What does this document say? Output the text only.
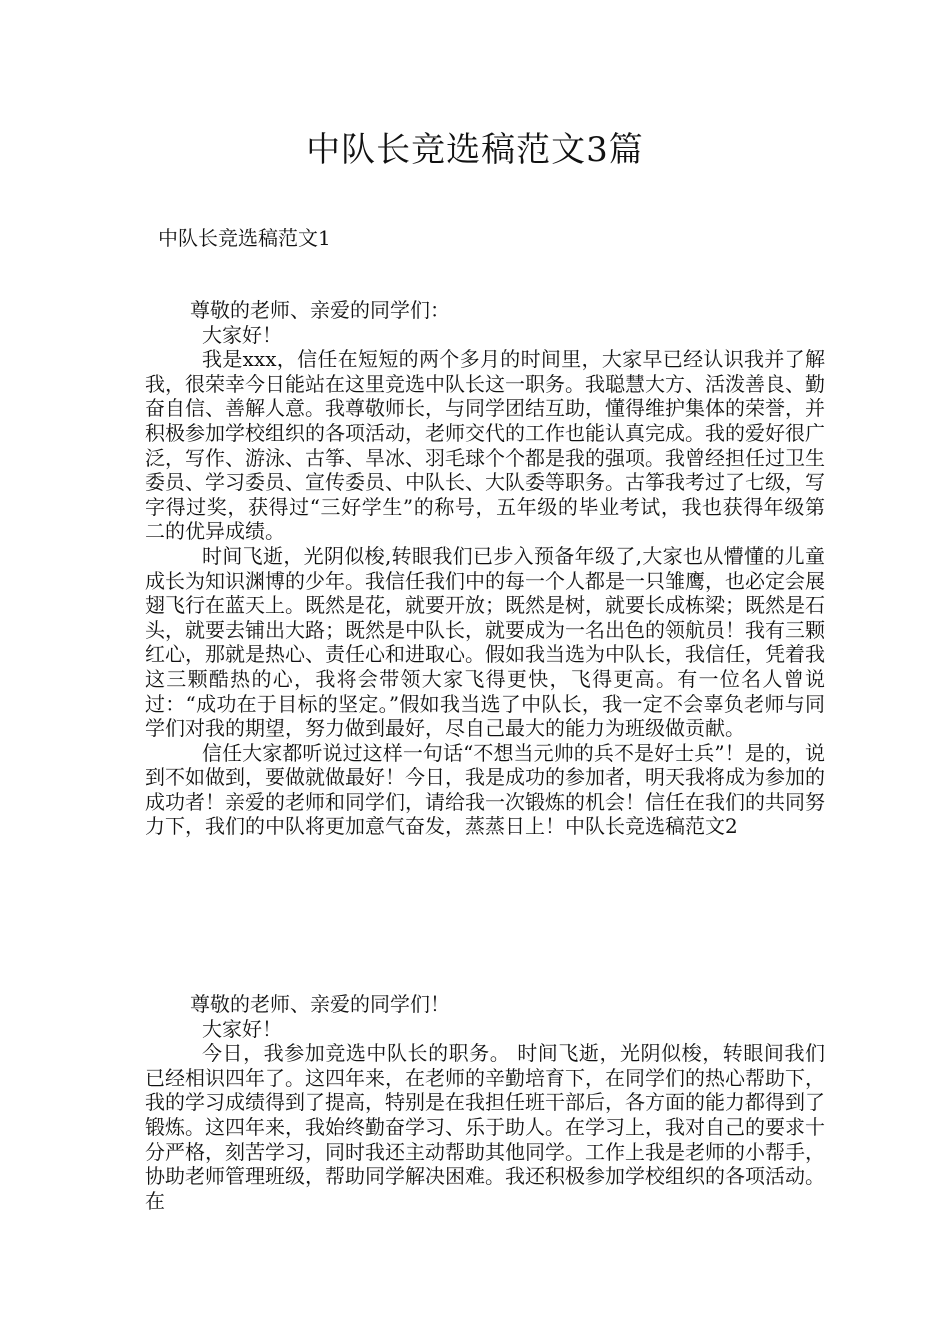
中队长竞选稿范文3篇
中队长竞选稿范文1

尊敬的老师、亲爱的同学们：

大家好！

我是xxx，信任在短短的两个多月的时间里，大家早已经认识我并了解我，很荣幸今日能站在这里竞选中队长这一职务。我聪慧大方、活泼善良、勤奋自信、善解人意。我尊敬师长，与同学团结互助，懂得维护集体的荣誉，并积极参加学校组织的各项活动，老师交代的工作也能认真完成。我的爱好很广泛，写作、游泳、古筝、旱冰、羽毛球个个都是我的强项。我曾经担任过卫生委员、学习委员、宣传委员、中队长、大队委等职务。古筝我考过了七级，写字得过奖，获得过“三好学生”的称号，五年级的毕业考试，我也获得年级第二的优异成绩。

时间飞逝，光阴似梭,转眼我们已步入预备年级了,大家也从懵懂的儿童成长为知识渊博的少年。我信任我们中的每一个人都是一只雏鹰，也必定会展翅飞行在蓝天上。既然是花，就要开放；既然是树，就要长成栋梁；既然是石头，就要去铺出大路；既然是中队长，就要成为一名出色的领航员！我有三颗红心，那就是热心、责任心和进取心。假如我当选为中队长，我信任，凭着我这三颗酷热的心，我将会带领大家飞得更快，飞得更高。有一位名人曾说过：“成功在于目标的坚定。”假如我当选了中队长，我一定不会辜负老师与同学们对我的期望，努力做到最好，尽自己最大的能力为班级做贡献。

信任大家都听说过这样一句话“不想当元帅的兵不是好士兵”！是的，说到不如做到，要做就做最好！今日，我是成功的参加者，明天我将成为参加的成功者！亲爱的老师和同学们，请给我一次锻炼的机会！信任在我们的共同努力下，我们的中队将更加意气奋发，蒸蒸日上！中队长竞选稿范文2

尊敬的老师、亲爱的同学们！

大家好！

今日，我参加竞选中队长的职务。 时间飞逝，光阴似梭，转眼间我们已经相识四年了。这四年来，在老师的辛勤培育下，在同学们的热心帮助下，我的学习成绩得到了提高，特别是在我担任班干部后，各方面的能力都得到了锻炼。这四年来，我始终勤奋学习、乐于助人。在学习上，我对自己的要求十分严格，刻苦学习，同时我还主动帮助其他同学。工作上我是老师的小帮手，协助老师管理班级，帮助同学解决困难。我还积极参加学校组织的各项活动。在
